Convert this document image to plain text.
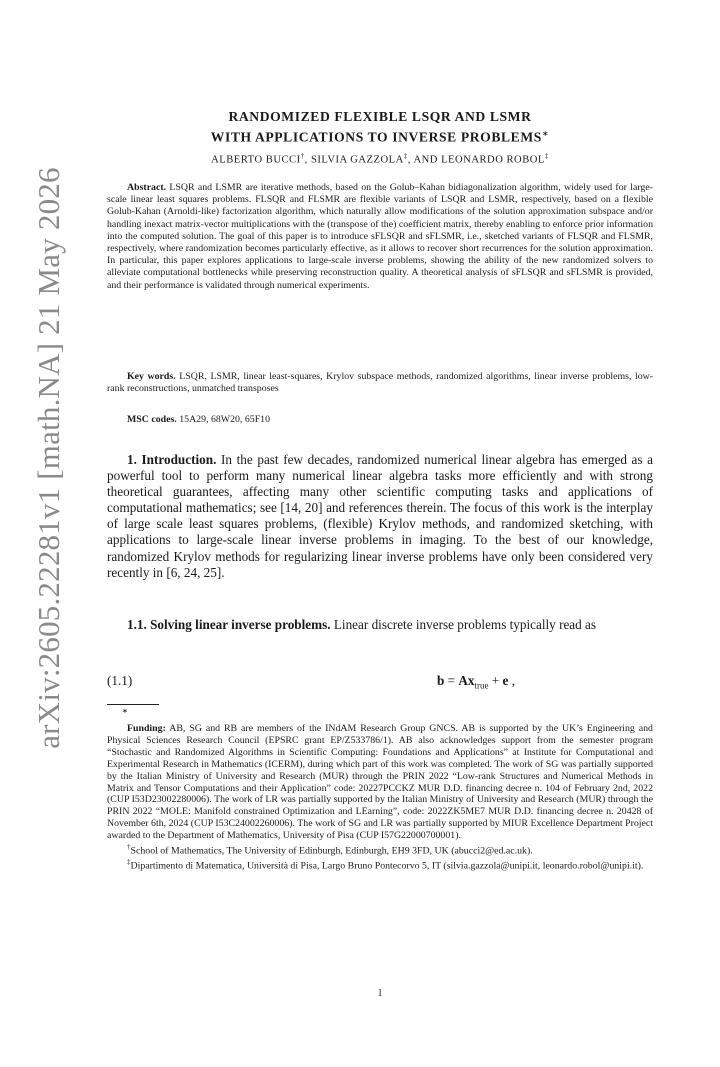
arXiv:2605.22281v1 [math.NA] 21 May 2026
RANDOMIZED FLEXIBLE LSQR AND LSMR
WITH APPLICATIONS TO INVERSE PROBLEMS∗
ALBERTO BUCCI†, SILVIA GAZZOLA‡, AND LEONARDO ROBOL‡

Abstract. LSQR and LSMR are iterative methods, based on the Golub–Kahan bidiagonalization algorithm, widely used for large-scale linear least squares problems. FLSQR and FLSMR are flexible variants of LSQR and LSMR, respectively, based on a flexible Golub-Kahan (Arnoldi-like) factorization algorithm, which naturally allow modifications of the solution approximation subspace and/or handling inexact matrix-vector multiplications with the (transpose of the) coefficient matrix, thereby enabling to enforce prior information into the computed solution. The goal of this paper is to introduce sFLSQR and sFLSMR, i.e., sketched variants of FLSQR and FLSMR, respectively, where randomization becomes particularly effective, as it allows to recover short recurrences for the solution approximation. In particular, this paper explores applications to large-scale inverse problems, showing the ability of the new randomized solvers to alleviate computational bottlenecks while preserving reconstruction quality. A theoretical analysis of sFLSQR and sFLSMR is provided, and their performance is validated through numerical experiments.

Key words. LSQR, LSMR, linear least-squares, Krylov subspace methods, randomized algorithms, linear inverse problems, low-rank reconstructions, unmatched transposes

MSC codes. 15A29, 68W20, 65F10

1. Introduction. In the past few decades, randomized numerical linear algebra has emerged as a powerful tool to perform many numerical linear algebra tasks more efficiently and with strong theoretical guarantees, affecting many other scientific computing tasks and applications of computational mathematics; see [14, 20] and references therein. The focus of this work is the interplay of large scale least squares problems, (flexible) Krylov methods, and randomized sketching, with applications to large-scale linear inverse problems in imaging. To the best of our knowledge, randomized Krylov methods for regularizing linear inverse problems have only been considered very recently in [6, 24, 25].

1.1. Solving linear inverse problems. Linear discrete inverse problems typically read as

(1.1)	$b = Ax_{true} + e$ ,
∗

Funding: AB, SG and RB are members of the INdAM Research Group GNCS. AB is supported by the UK’s Engineering and Physical Sciences Research Council (EPSRC grant EP/Z533786/1). AB also acknowledges support from the semester program “Stochastic and Randomized Algorithms in Scientific Computing: Foundations and Applications” at Institute for Computational and Experimental Research in Mathematics (ICERM), during which part of this work was completed. The work of SG was partially supported by the Italian Ministry of University and Research (MUR) through the PRIN 2022 “Low-rank Structures and Numerical Methods in Matrix and Tensor Computations and their Application” code: 20227PCCKZ MUR D.D. financing decree n. 104 of February 2nd, 2022 (CUP I53D23002280006). The work of LR was partially supported by the Italian Ministry of University and Research (MUR) through the PRIN 2022 “MOLE: Manifold constrained Optimization and LEarning”, code: 2022ZK5ME7 MUR D.D. financing decree n. 20428 of November 6th, 2024 (CUP I53C24002260006). The work of SG and LR was partially supported by MIUR Excellence Department Project awarded to the Department of Mathematics, University of Pisa (CUP I57G22000700001).

†School of Mathematics, The University of Edinburgh, Edinburgh, EH9 3FD, UK (abucci2@ed.ac.uk).

‡Dipartimento di Matematica, Università di Pisa, Largo Bruno Pontecorvo 5, IT (silvia.gazzola@unipi.it, leonardo.robol@unipi.it).

1
